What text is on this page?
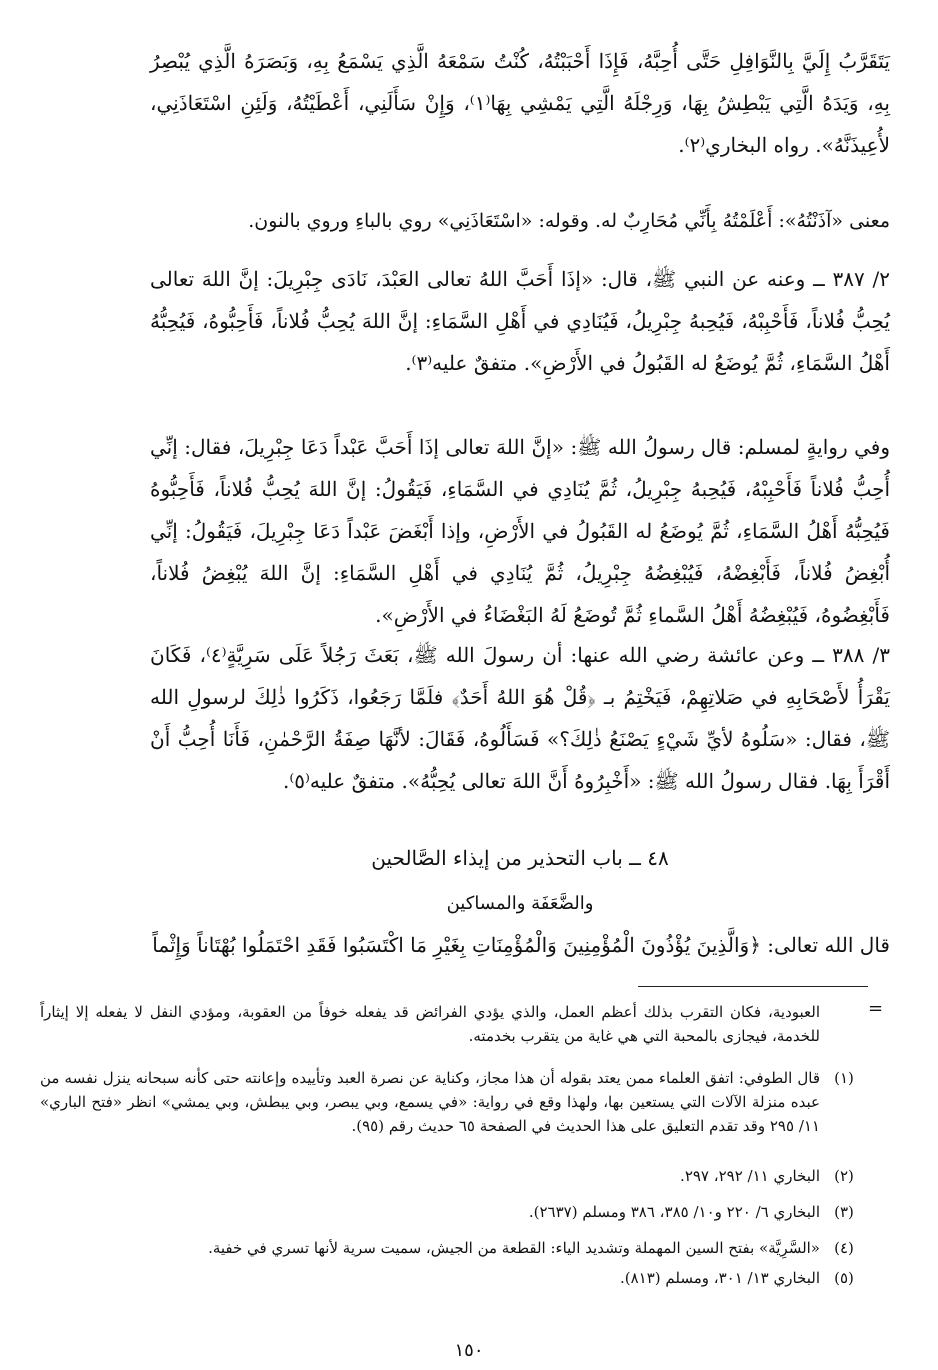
يَتَقَرَّبُ إِلَيَّ بِالنَّوَافِلِ حَتَّى أُحِبَّهُ، فَإِذَا أَحْبَبْتُهُ، كُنْتُ سَمْعَهُ الَّذِي يَسْمَعُ بِهِ، وَبَصَرَهُ الَّذِي يُبْصِرُ بِهِ، وَيَدَهُ الَّتِي يَبْطِشُ بِهَا، وَرِجْلَهُ الَّتِي يَمْشِي بِهَا⁽١⁾، وَإِنْ سَأَلَنِي، أَعْطَيْتُهُ، وَلَئِنِ اسْتَعَاذَنِي، لأُعِيذَنَّهُ». رواه البخاري⁽٢⁾.

معنى «آذَنْتُهُ»: أَعْلَمْتُهُ بِأَنِّي مُحَارِبٌ له. وقوله: «اسْتَعَاذَنِي» روي بالباءِ وروي بالنون.

٢/ ٣٨٧ ــ وعنه عن النبي ﷺ، قال: «إذَا أَحَبَّ اللهُ تعالى العَبْدَ، نَادَى جِبْرِيلَ: إنَّ اللهَ تعالى يُحِبُّ فُلاناً، فَأَحْبِبْهُ، فَيُحِبهُ جِبْرِيلُ، فَيُنَادِي في أَهْلِ السَّمَاءِ: إنَّ اللهَ يُحِبُّ فُلاناً، فَأَحِبُّوهُ، فَيُحِبُّهُ أَهْلُ السَّمَاءِ، ثُمَّ يُوضَعُ له القَبُولُ في الأَرْضِ». متفقٌ عليه⁽٣⁾.

وفي روايةٍ لمسلم: قال رسولُ الله ﷺ: «إنَّ اللهَ تعالى إذَا أَحَبَّ عَبْداً دَعَا جِبْرِيلَ، فقال: إنِّي أُحِبُّ فُلاناً فَأَحْبِبْهُ، فَيُحِبهُ جِبْرِيلُ، ثُمَّ يُنَادِي في السَّمَاءِ، فَيَقُولُ: إنَّ اللهَ يُحِبُّ فُلاناً، فَأَحِبُّوهُ فَيُحِبُّهُ أَهْلُ السَّمَاءِ، ثُمَّ يُوضَعُ له القَبُولُ في الأَرْضِ، وإذا أَبْغَضَ عَبْداً دَعَا جِبْرِيلَ، فَيَقُولُ: إنِّي أُبْغِضُ فُلاناً، فَأَبْغِضْهُ، فَيُبْغِضُهُ جِبْرِيلُ، ثُمَّ يُنَادِي في أَهْلِ السَّمَاءِ: إنَّ اللهَ يُبْغِضُ فُلاناً، فَأَبْغِضُوهُ، فَيُبْغِضُهُ أَهْلُ السَّماءِ ثُمَّ تُوضَعُ لَهُ البَغْضَاءُ في الأَرْضِ».

٣/ ٣٨٨ ــ وعن عائشة رضي الله عنها: أن رسولَ الله ﷺ، بَعَثَ رَجُلاً عَلَى سَرِيَّةٍ⁽٤⁾، فَكَانَ يَقْرَأُ لأَصْحَابِهِ في صَلاتِهِمْ، فَيَخْتِمُ بـ ﴿قُلْ هُوَ اللهُ أَحَدٌ﴾ فلَمَّا رَجَعُوا، ذَكَرُوا ذٰلِكَ لرسولِ الله ﷺ، فقال: «سَلُوهُ لأيِّ شَيْءٍ يَصْنَعُ ذٰلِكَ؟» فَسَأَلُوهُ، فَقَالَ: لأنَّهَا صِفَةُ الرَّحْمٰنِ، فَأَنَا أُحِبُّ أَنْ أَقْرَأَ بِهَا. فقال رسولُ الله ﷺ: «أَخْبِرُوهُ أَنَّ اللهَ تعالى يُحِبُّهُ». متفقٌ عليه⁽٥⁾.

٤٨ ــ باب التحذير من إيذاء الصَّالحين

والضَّعَفَة والمساكين

قال الله تعالى: ﴿وَالَّذِينَ يُؤْذُونَ الْمُؤْمِنِينَ وَالْمُؤْمِنَاتِ بِغَيْرِ مَا اكْتَسَبُوا فَقَدِ احْتَمَلُوا بُهْتَاناً وَإِثْماً

=

العبودية، فكان التقرب بذلك أعظم العمل، والذي يؤدي الفرائض قد يفعله خوفاً من العقوبة، ومؤدي النفل لا يفعله إلا إيثاراً للخدمة، فيجازى بالمحبة التي هي غاية من يتقرب بخدمته.

(١)
قال الطوفي: اتفق العلماء ممن يعتد بقوله أن هذا مجاز، وكناية عن نصرة العبد وتأييده وإعانته حتى كأنه سبحانه ينزل نفسه من عبده منزلة الآلات التي يستعين بها، ولهذا وقع في رواية: «في يسمع، وبي يبصر، وبي يبطش، وبي يمشي» انظر «فتح الباري» ١١/ ٢٩٥ وقد تقدم التعليق على هذا الحديث في الصفحة ٦٥ حديث رقم (٩٥).
(٢)
البخاري ١١/ ٢٩٢، ٢٩٧.
(٣)
البخاري ٦/ ٢٢٠ و١٠/ ٣٨٥، ٣٨٦ ومسلم (٢٦٣٧).
(٤)
«السَّرِيَّة» بفتح السين المهملة وتشديد الياء: القطعة من الجيش، سميت سرية لأنها تسري في خفية.
(٥)
البخاري ١٣/ ٣٠١، ومسلم (٨١٣).

١٥٠
